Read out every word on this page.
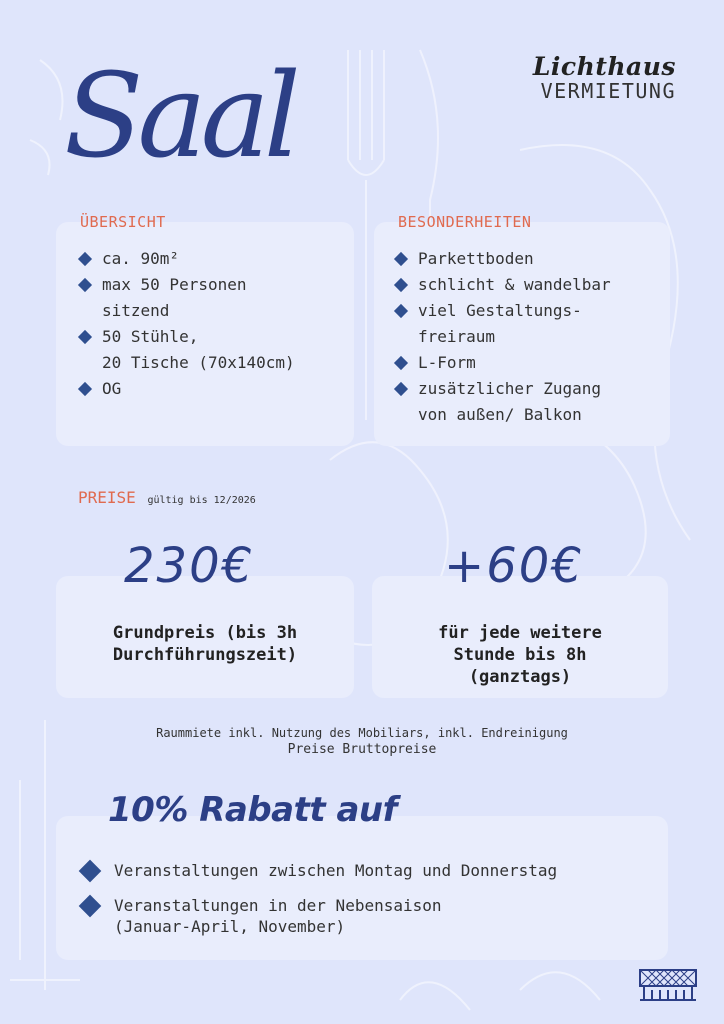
Saal	Lichthaus
VERMIETUNG
ÜBERSICHT
ca. 90m²
max 50 Personen
sitzend
50 Stühle,
20 Tische (70x140cm)
OG
BESONDERHEITEN
Parkettboden
schlicht & wandelbar
viel Gestaltungs-
freiraum
L-Form
zusätzlicher Zugang
von außen/ Balkon
PREISE gültig bis 12/2026
230€	+60€
Grundpreis (bis 3h
Durchführungszeit)
für jede weitere
Stunde bis 8h
(ganztags)
Raummiete inkl. Nutzung des Mobiliars, inkl. Endreinigung
Preise Bruttopreise
10% Rabatt auf
Veranstaltungen zwischen Montag und Donnerstag
Veranstaltungen in der Nebensaison
(Januar-April, November)
